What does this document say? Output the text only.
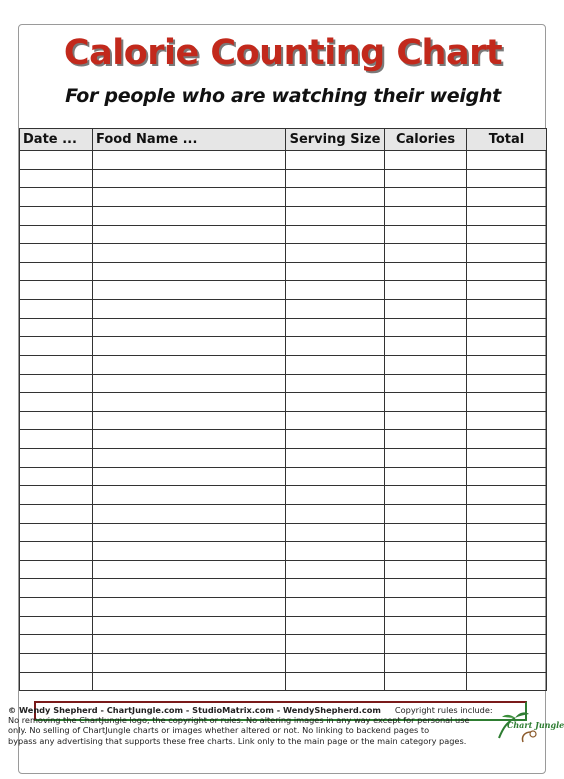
Calorie Counting Chart
For people who are watching their weight
Date ...	Food Name ...	Serving Size	Calories	Total

Chart Jungle
© Wendy Shepherd - ChartJungle.com - StudioMatrix.com - WendyShepherd.com Copyright rules include:
No removing the ChartJungle logo, the copyright or rules. No altering images in any way except for personal use
only. No selling of ChartJungle charts or images whether altered or not. No linking to backend pages to
bypass any advertising that supports these free charts. Link only to the main page or the main category pages.
